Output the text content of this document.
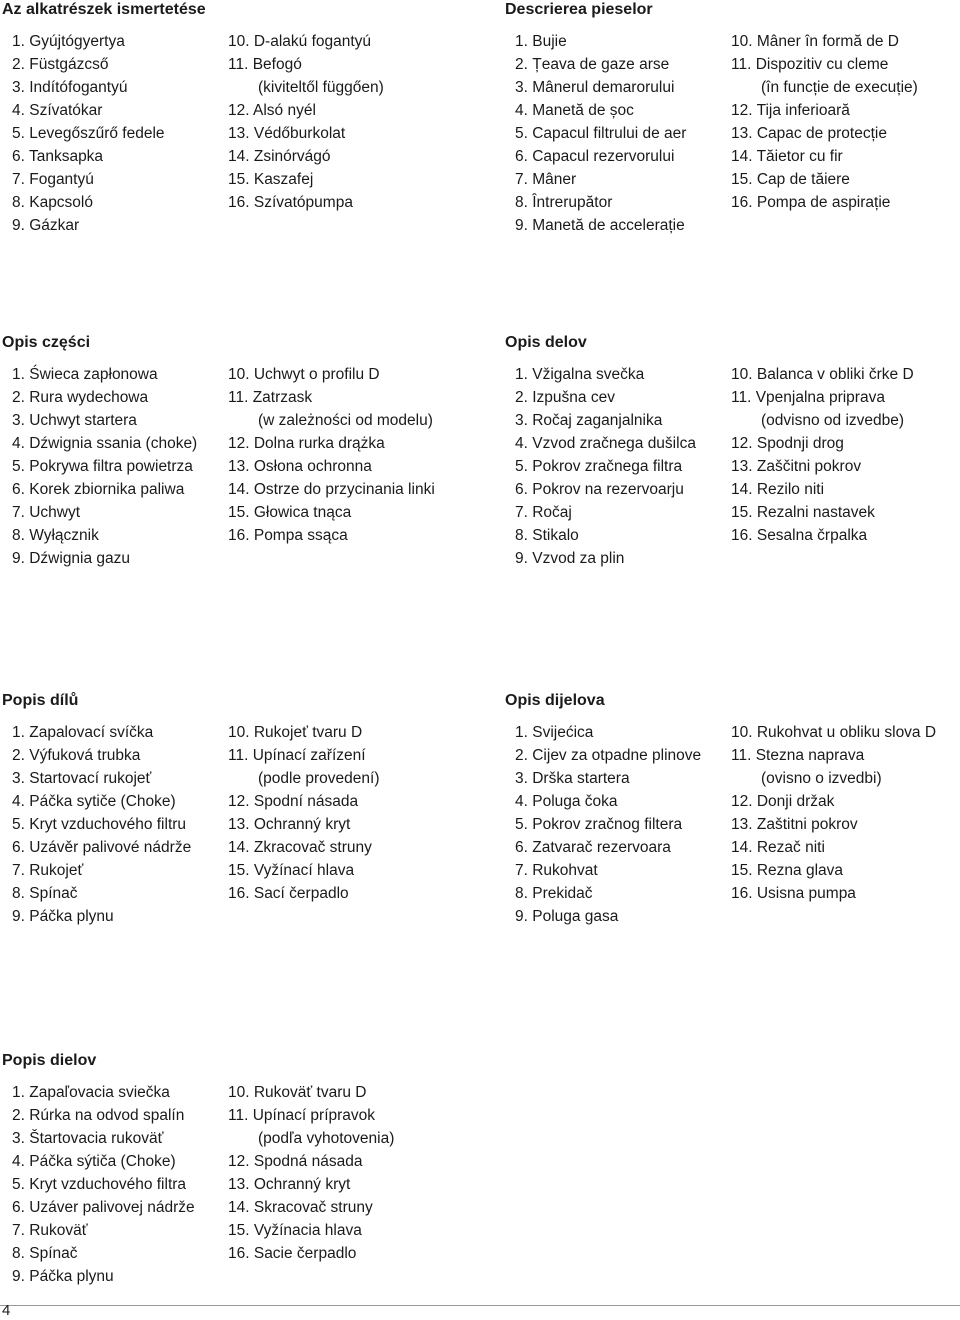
Az alkatrészek ismertetése
1. Gyújtógyertya
2. Füstgázcső
3. Indítófogantyú
4. Szívatókar
5. Levegőszűrő fedele
6. Tanksapka
7. Fogantyú
8. Kapcsoló
9. Gázkar
10. D-alakú fogantyú
11. Befogó
(kiviteltől függően)
12. Alsó nyél
13. Védőburkolat
14. Zsinórvágó
15. Kaszafej
16. Szívatópumpa
Descrierea pieselor
1. Bujie
2. Țeava de gaze arse
3. Mânerul demarorului
4. Manetă de șoc
5. Capacul filtrului de aer
6. Capacul rezervorului
7. Mâner
8. Întrerupător
9. Manetă de accelerație
10. Mâner în formă de D
11. Dispozitiv cu cleme
(în funcție de execuție)
12. Tija inferioară
13. Capac de protecție
14. Tăietor cu fir
15. Cap de tăiere
16. Pompa de aspirație
Opis części
1. Świeca zapłonowa
2. Rura wydechowa
3. Uchwyt startera
4. Dźwignia ssania (choke)
5. Pokrywa filtra powietrza
6. Korek zbiornika paliwa
7. Uchwyt
8. Wyłącznik
9. Dźwignia gazu
10. Uchwyt o profilu D
11. Zatrzask
(w zależności od modelu)
12. Dolna rurka drążka
13. Osłona ochronna
14. Ostrze do przycinania linki
15. Głowica tnąca
16. Pompa ssąca
Opis delov
1. Vžigalna svečka
2. Izpušna cev
3. Ročaj zaganjalnika
4. Vzvod zračnega dušilca
5. Pokrov zračnega filtra
6. Pokrov na rezervoarju
7. Ročaj
8. Stikalo
9. Vzvod za plin
10. Balanca v obliki črke D
11. Vpenjalna priprava
(odvisno od izvedbe)
12. Spodnji drog
13. Zaščitni pokrov
14. Rezilo niti
15. Rezalni nastavek
16. Sesalna črpalka
Popis dílů
1. Zapalovací svíčka
2. Výfuková trubka
3. Startovací rukojeť
4. Páčka sytiče (Choke)
5. Kryt vzduchového filtru
6. Uzávěr palivové nádrže
7. Rukojeť
8. Spínač
9. Páčka plynu
10. Rukojeť tvaru D
11. Upínací zařízení
(podle provedení)
12. Spodní násada
13. Ochranný kryt
14. Zkracovač struny
15. Vyžínací hlava
16. Sací čerpadlo
Opis dijelova
1. Svijećica
2. Cijev za otpadne plinove
3. Drška startera
4. Poluga čoka
5. Pokrov zračnog filtera
6. Zatvarač rezervoara
7. Rukohvat
8. Prekidač
9. Poluga gasa
10. Rukohvat u obliku slova D
11. Stezna naprava
(ovisno o izvedbi)
12. Donji držak
13. Zaštitni pokrov
14. Rezač niti
15. Rezna glava
16. Usisna pumpa
Popis dielov
1. Zapaľovacia sviečka
2. Rúrka na odvod spalín
3. Štartovacia rukoväť
4. Páčka sýtiča (Choke)
5. Kryt vzduchového filtra
6. Uzáver palivovej nádrže
7. Rukoväť
8. Spínač
9. Páčka plynu
10. Rukoväť tvaru D
11. Upínací prípravok
(podľa vyhotovenia)
12. Spodná násada
13. Ochranný kryt
14. Skracovač struny
15. Vyžínacia hlava
16. Sacie čerpadlo
4
